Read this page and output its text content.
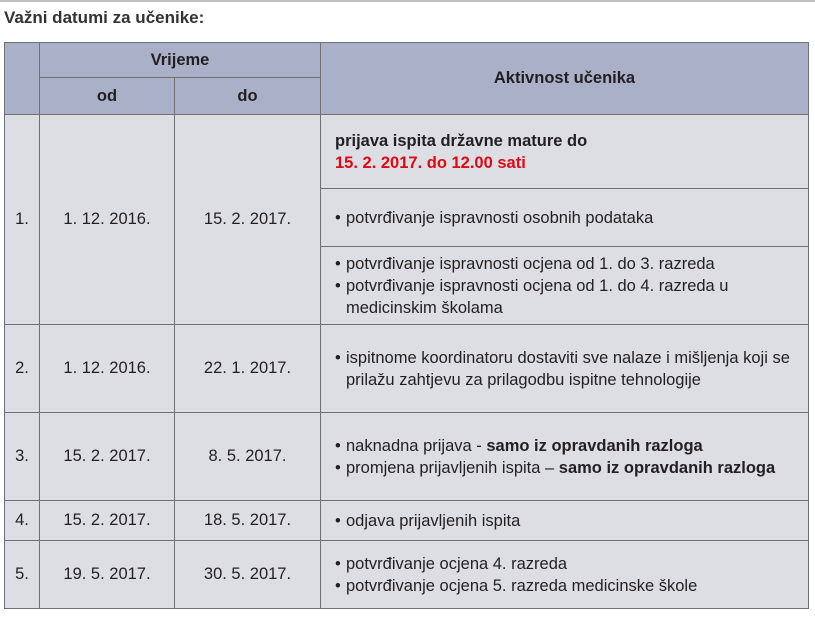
Važni datumi za učenike:
	Vrijeme		Aktivnost učenika
	od	do	
1.	1. 12. 2016.	15. 2. 2017.	prijava ispita državne mature do
15. 2. 2017. do 12.00 sati

			• potvrđivanje ispravnosti osobnih podataka

			• potvrđivanje ispravnosti ocjena od 1. do 3. razreda
• potvrđivanje ispravnosti ocjena od 1. do 4. razreda u medicinskim školama

2.	1. 12. 2016.	22. 1. 2017.	• ispitnome koordinatoru dostaviti sve nalaze i mišljenja koji se prilažu zahtjevu za prilagodbu ispitne tehnologije

3.	15. 2. 2017.	8. 5. 2017.	• naknadna prijava - samo iz opravdanih razloga
• promjena prijavljenih ispita – samo iz opravdanih razloga

4.	15. 2. 2017.	18. 5. 2017.	• odjava prijavljenih ispita

5.	19. 5. 2017.	30. 5. 2017.	• potvrđivanje ocjena 4. razreda
• potvrđivanje ocjena 5. razreda medicinske škole
